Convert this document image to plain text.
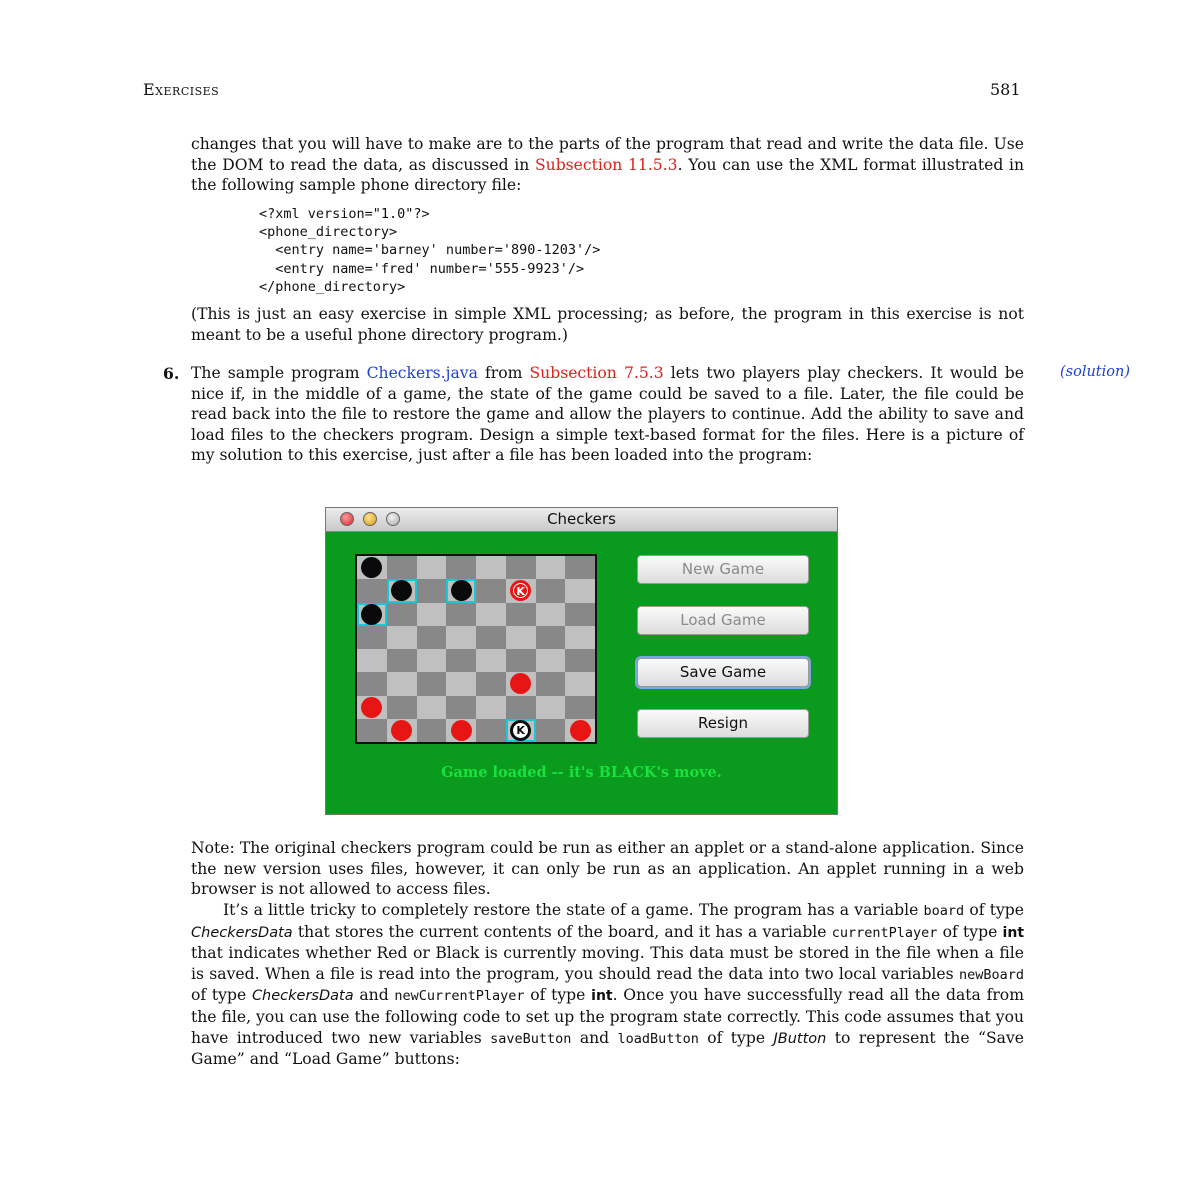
Exercises	581
changes that you will have to make are to the parts of the program that read and write the data file. Use the DOM to read the data, as discussed in Subsection 11.5.3. You can use the XML format illustrated in the following sample phone directory file:
<?xml version="1.0"?>
<phone_directory>
<entry name='barney' number='890-1203'/>
<entry name='fred' number='555-9923'/>
</phone_directory>
(This is just an easy exercise in simple XML processing; as before, the program in this exercise is not meant to be a useful phone directory program.)
6.	(solution)
The sample program Checkers.java from Subsection 7.5.3 lets two players play checkers. It would be nice if, in the middle of a game, the state of the game could be saved to a file. Later, the file could be read back into the file to restore the game and allow the players to continue. Add the ability to save and load files to the checkers program. Design a simple text-based format for the files. Here is a picture of my solution to this exercise, just after a file has been loaded into the program:
Checkers
K
K
New Game
Load Game
Save Game
Resign
Game loaded -- it's BLACK's move.
Note: The original checkers program could be run as either an applet or a stand-alone application. Since the new version uses files, however, it can only be run as an application. An applet running in a web browser is not allowed to access files.
It’s a little tricky to completely restore the state of a game. The program has a variable board of type CheckersData that stores the current contents of the board, and it has a variable currentPlayer of type int that indicates whether Red or Black is currently moving. This data must be stored in the file when a file is saved. When a file is read into the program, you should read the data into two local variables newBoard of type CheckersData and newCurrentPlayer of type int. Once you have successfully read all the data from the file, you can use the following code to set up the program state correctly. This code assumes that you have introduced two new variables saveButton and loadButton of type JButton to represent the “Save Game” and “Load Game” buttons:
